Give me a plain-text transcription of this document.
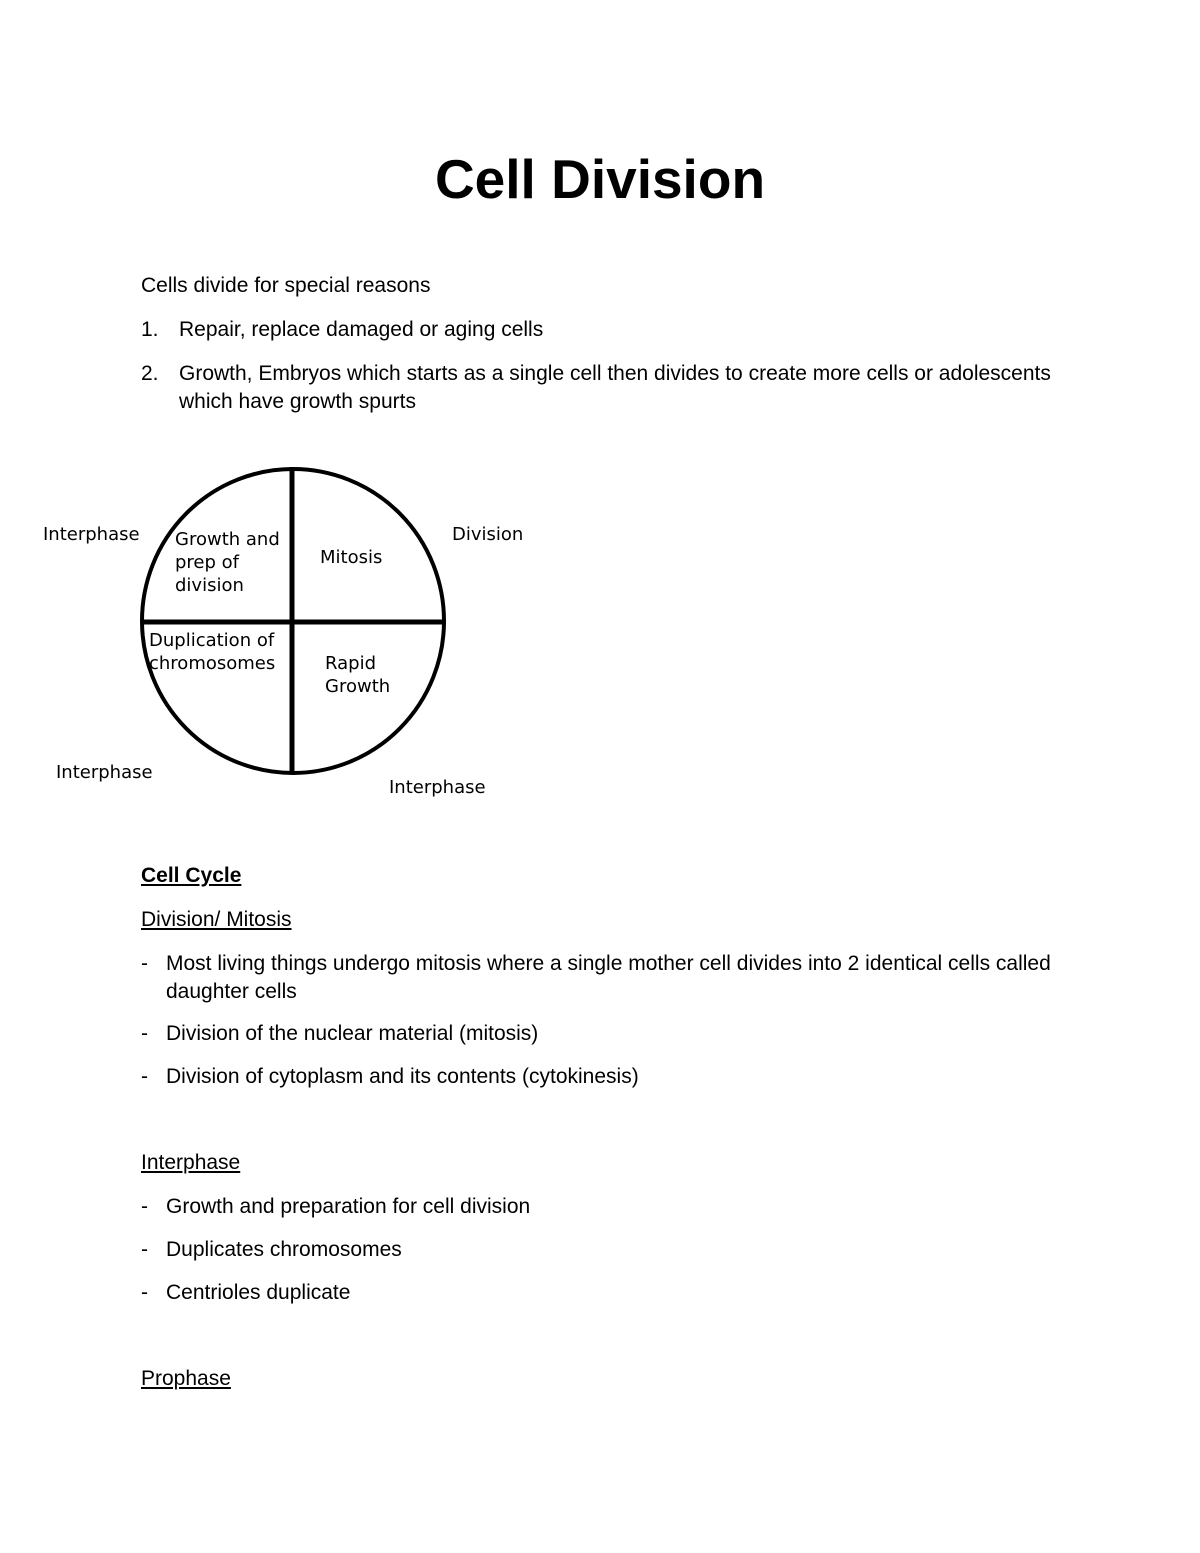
Cell Division
Cells divide for special reasons
1. Repair, replace damaged or aging cells
2. Growth, Embryos which starts as a single cell then divides to create more cells or adolescents which have growth spurts
Interphase	Division
Interphase
Interphase
Growth and
prep of
division
Mitosis
Duplication of
chromosomes	Rapid
Growth
Cell Cycle
Division/ Mitosis
- Most living things undergo mitosis where a single mother cell divides into 2 identical cells called daughter cells
- Division of the nuclear material (mitosis)
- Division of cytoplasm and its contents (cytokinesis)
Interphase
- Growth and preparation for cell division
- Duplicates chromosomes
- Centrioles duplicate
Prophase
